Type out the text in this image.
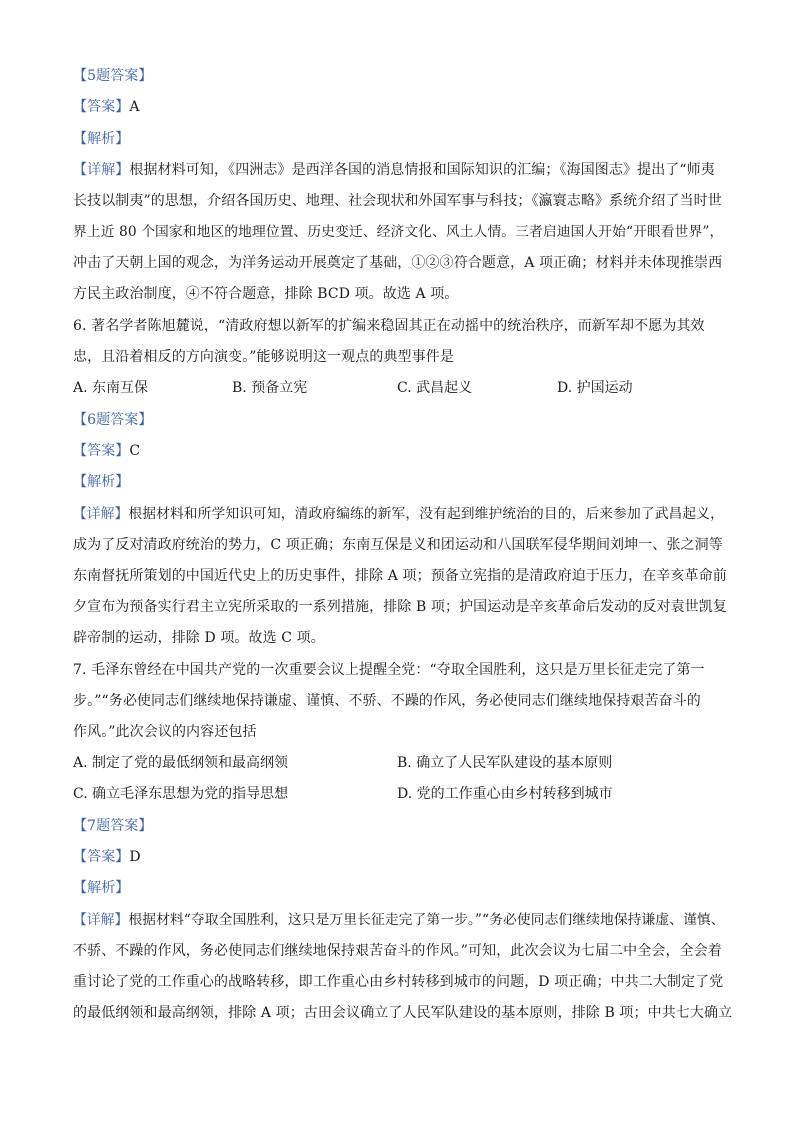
【5题答案】
【答案】A
【解析】
【详解】根据材料可知，《四洲志》是西洋各国的消息情报和国际知识的汇编；《海国图志》提出了“师夷
长技以制夷”的思想，介绍各国历史、地理、社会现状和外国军事与科技；《瀛寰志略》系统介绍了当时世
界上近 80 个国家和地区的地理位置、历史变迁、经济文化、风土人情。三者启迪国人开始“开眼看世界”，
冲击了天朝上国的观念，为洋务运动开展奠定了基础，①②③符合题意，A 项正确；材料并未体现推崇西
方民主政治制度，④不符合题意，排除 BCD 项。故选 A 项。
6. 著名学者陈旭麓说，“清政府想以新军的扩编来稳固其正在动摇中的统治秩序，而新军却不愿为其效
忠，且沿着相反的方向演变。”能够说明这一观点的典型事件是
A. 东南互保	B. 预备立宪	C. 武昌起义	D. 护国运动
【6题答案】
【答案】C
【解析】
【详解】根据材料和所学知识可知，清政府编练的新军，没有起到维护统治的目的，后来参加了武昌起义，
成为了反对清政府统治的势力，C 项正确；东南互保是义和团运动和八国联军侵华期间刘坤一、张之洞等
东南督抚所策划的中国近代史上的历史事件，排除 A 项；预备立宪指的是清政府迫于压力，在辛亥革命前
夕宣布为预备实行君主立宪所采取的一系列措施，排除 B 项；护国运动是辛亥革命后发动的反对袁世凯复
辟帝制的运动，排除 D 项。故选 C 项。
7. 毛泽东曾经在中国共产党的一次重要会议上提醒全党：“夺取全国胜利，这只是万里长征走完了第一
步。”“务必使同志们继续地保持谦虚、谨慎、不骄、不躁的作风，务必使同志们继续地保持艰苦奋斗的
作风。”此次会议的内容还包括
A. 制定了党的最低纲领和最高纲领	B. 确立了人民军队建设的基本原则
C. 确立毛泽东思想为党的指导思想	D. 党的工作重心由乡村转移到城市
【7题答案】
【答案】D
【解析】
【详解】根据材料“夺取全国胜利，这只是万里长征走完了第一步。”“务必使同志们继续地保持谦虚、谨慎、
不骄、不躁的作风，务必使同志们继续地保持艰苦奋斗的作风。”可知，此次会议为七届二中全会，全会着
重讨论了党的工作重心的战略转移，即工作重心由乡村转移到城市的问题，D 项正确；中共二大制定了党
的最低纲领和最高纲领，排除 A 项；古田会议确立了人民军队建设的基本原则，排除 B 项；中共七大确立
